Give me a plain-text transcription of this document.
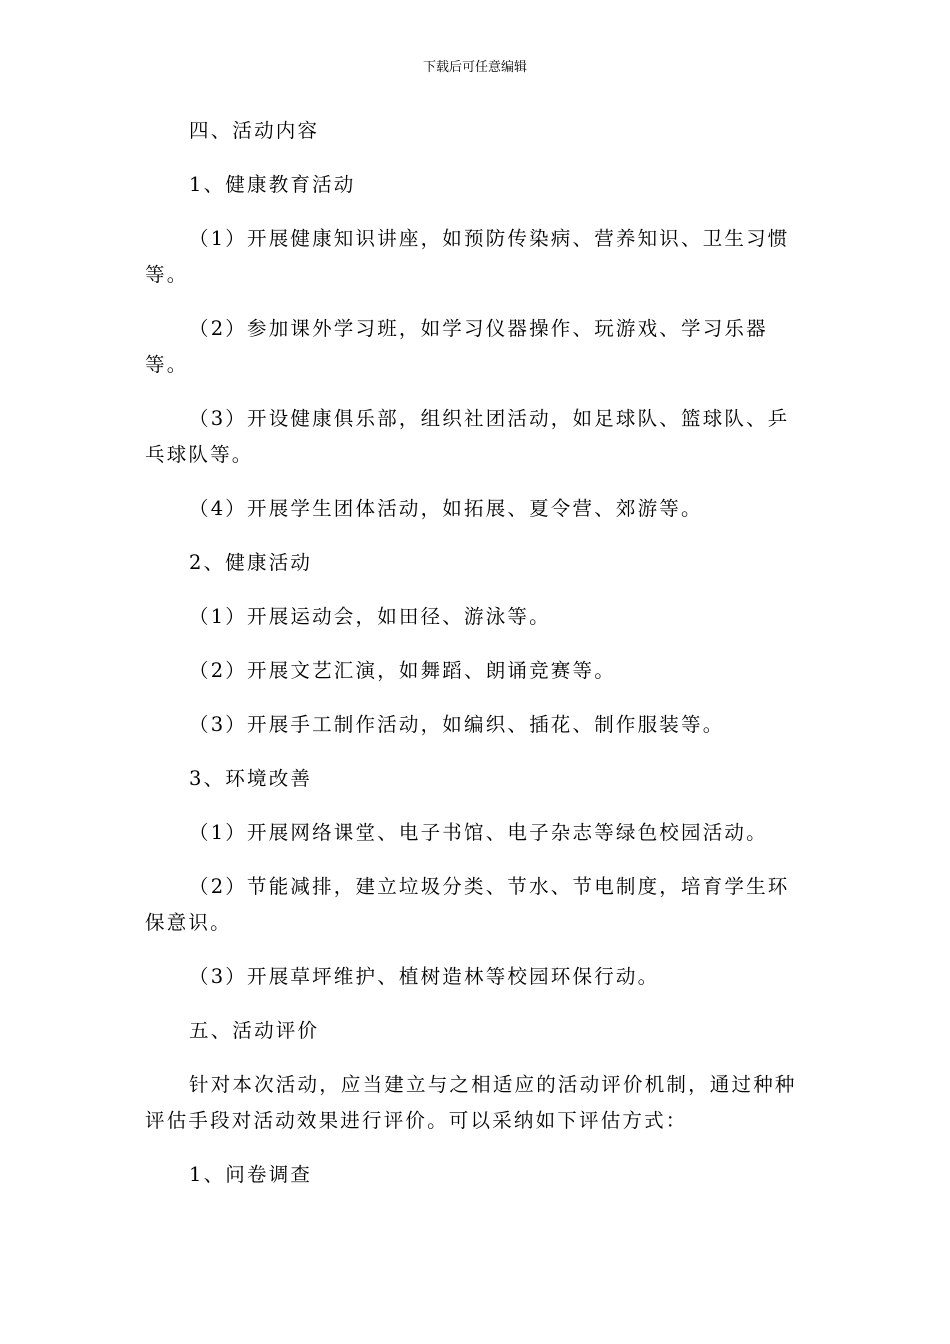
下载后可任意编辑

四、活动内容

1、健康教育活动

（1）开展健康知识讲座，如预防传染病、营养知识、卫生习惯等。

（2）参加课外学习班，如学习仪器操作、玩游戏、学习乐器等。

（3）开设健康俱乐部，组织社团活动，如足球队、篮球队、乒乓球队等。

（4）开展学生团体活动，如拓展、夏令营、郊游等。

2、健康活动

（1）开展运动会，如田径、游泳等。

（2）开展文艺汇演，如舞蹈、朗诵竞赛等。

（3）开展手工制作活动，如编织、插花、制作服装等。

3、环境改善

（1）开展网络课堂、电子书馆、电子杂志等绿色校园活动。

（2）节能减排，建立垃圾分类、节水、节电制度，培育学生环保意识。

（3）开展草坪维护、植树造林等校园环保行动。

五、活动评价

针对本次活动，应当建立与之相适应的活动评价机制，通过种种评估手段对活动效果进行评价。可以采纳如下评估方式：

1、问卷调查
